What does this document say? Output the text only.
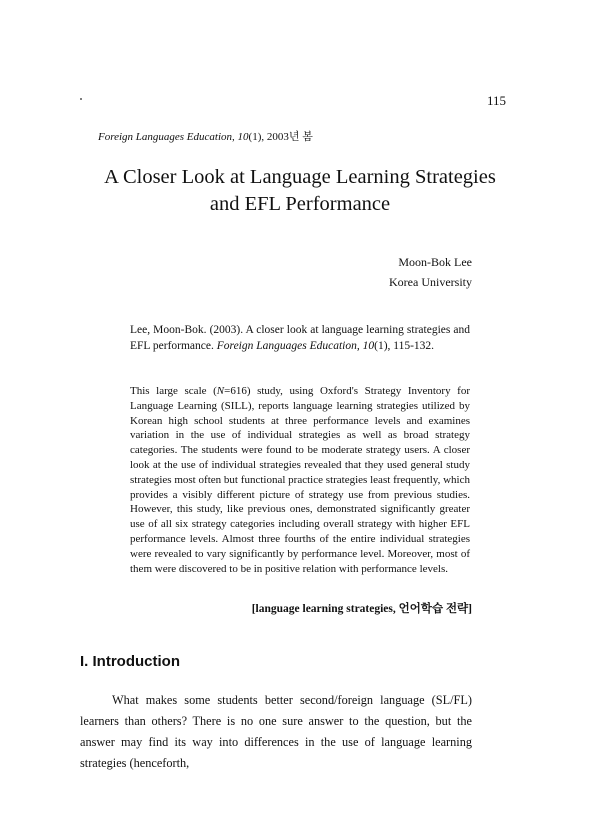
115
Foreign Languages Education, 10(1), 2003년 봄
A Closer Look at Language Learning Strategies
and EFL Performance
Moon-Bok Lee
Korea University
Lee, Moon-Bok. (2003). A closer look at language learning strategies and EFL performance. Foreign Languages Education, 10(1), 115-132.
This large scale (N=616) study, using Oxford's Strategy Inventory for Language Learning (SILL), reports language learning strategies utilized by Korean high school students at three performance levels and examines variation in the use of individual strategies as well as broad strategy categories. The students were found to be moderate strategy users. A closer look at the use of individual strategies revealed that they used general study strategies most often but functional practice strategies least frequently, which provides a visibly different picture of strategy use from previous studies. However, this study, like previous ones, demonstrated significantly greater use of all six strategy categories including overall strategy with higher EFL performance levels. Almost three fourths of the entire individual strategies were revealed to vary significantly by performance level. Moreover, most of them were discovered to be in positive relation with performance levels.
[language learning strategies, 언어학습 전략]
I. Introduction
What makes some students better second/foreign language (SL/FL) learners than others? There is no one sure answer to the question, but the answer may find its way into differences in the use of language learning strategies (henceforth,
